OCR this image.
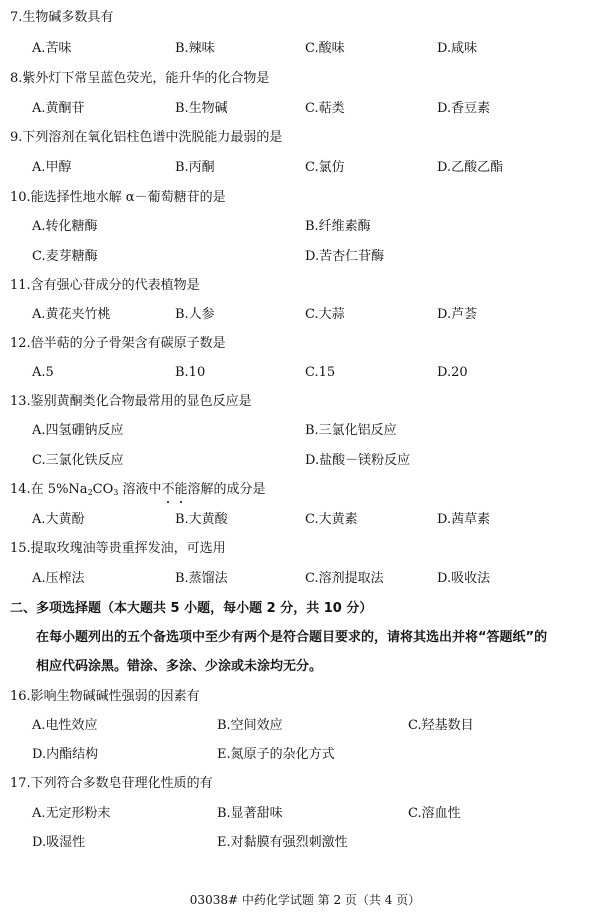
7.生物碱多数具有
A.苦味	B.辣味	C.酸味	D.咸味
8.紫外灯下常呈蓝色荧光，能升华的化合物是
A.黄酮苷	B.生物碱	C.萜类	D.香豆素
9.下列溶剂在氧化铝柱色谱中洗脱能力最弱的是
A.甲醇	B.丙酮	C.氯仿	D.乙酸乙酯
10.能选择性地水解 α－葡萄糖苷的是
A.转化糖酶	B.纤维素酶
C.麦芽糖酶	D.苦杏仁苷酶
11.含有强心苷成分的代表植物是
A.黄花夹竹桃	B.人参	C.大蒜	D.芦荟
12.倍半萜的分子骨架含有碳原子数是
A.5	B.10	C.15	D.20
13.鉴别黄酮类化合物最常用的显色反应是
A.四氢硼钠反应	B.三氯化铝反应
C.三氯化铁反应	D.盐酸－镁粉反应
14.在 $5\%Na_2CO_3$ 溶液中不能
溶解的成分是
A.大黄酚	B.大黄酸	C.大黄素	D.茜草素
15.提取玫瑰油等贵重挥发油，可选用
A.压榨法	B.蒸馏法	C.溶剂提取法	D.吸收法
二、多项选择题（本大题共 5 小题，每小题 2 分，共 10 分）
在每小题列出的五个备选项中至少有两个是符合题目要求的，请将其选出并将“答题纸”的
相应代码涂黑。错涂、多涂、少涂或未涂均无分。
16.影响生物碱碱性强弱的因素有
A.电性效应	B.空间效应	C.羟基数目
D.内酯结构	E.氮原子的杂化方式
17.下列符合多数皂苷理化性质的有
A.无定形粉末	B.显著甜味	C.溶血性
D.吸湿性	E.对黏膜有强烈刺激性
03038# 中药化学试题 第 2 页（共 4 页）
